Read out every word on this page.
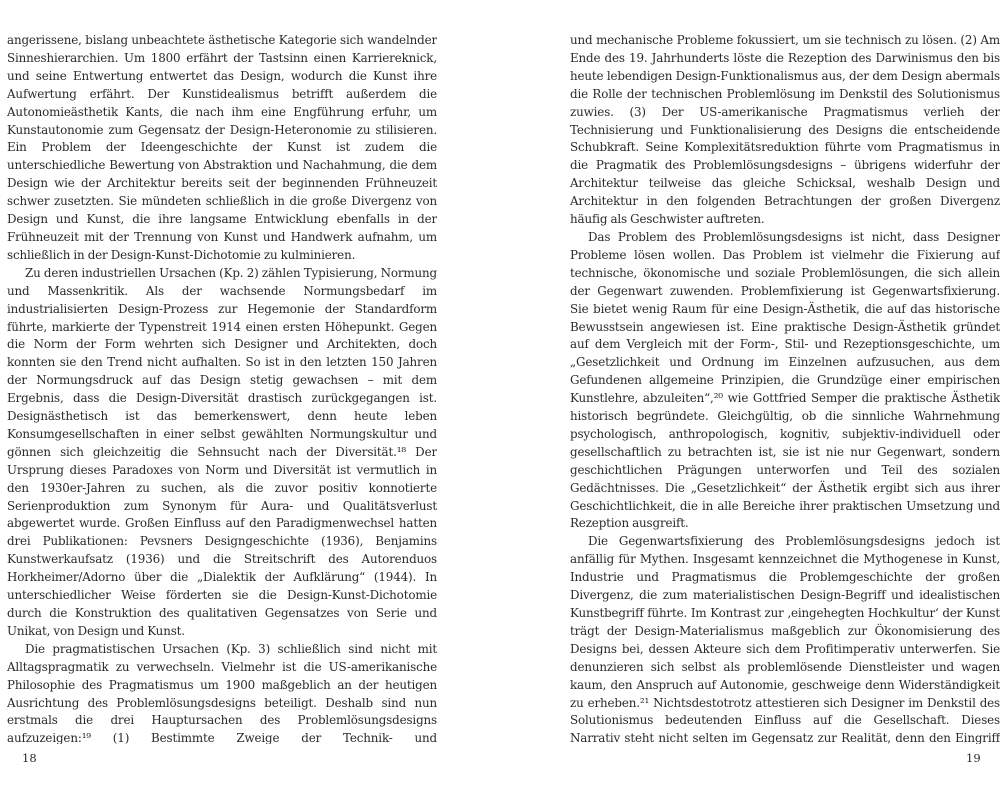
angerissene, bislang unbeachtete ästhetische Kategorie sich wandelnder Sinneshierarchien. Um 1800 erfährt der Tastsinn einen Karriereknick, und seine Entwertung entwertet das Design, wodurch die Kunst ihre Aufwertung erfährt. Der Kunstidealismus betrifft außerdem die Autonomieästhetik Kants, die nach ihm eine Engführung erfuhr, um Kunstautonomie zum Gegensatz der Design-Heteronomie zu stilisieren. Ein Problem der Ideengeschichte der Kunst ist zudem die unterschiedliche Bewertung von Abstraktion und Nachahmung, die dem Design wie der Architektur bereits seit der beginnenden Frühneuzeit schwer zusetzten. Sie mündeten schließlich in die große Divergenz von Design und Kunst, die ihre langsame Entwicklung ebenfalls in der Frühneuzeit mit der Trennung von Kunst und Handwerk aufnahm, um schließlich in der Design-Kunst-Dichotomie zu kulminieren.

Zu deren industriellen Ursachen (Kp. 2) zählen Typisierung, Normung und Massenkritik. Als der wachsende Normungsbedarf im industrialisierten Design-Prozess zur Hegemonie der Standardform führte, markierte der Typenstreit 1914 einen ersten Höhepunkt. Gegen die Norm der Form wehrten sich Designer und Architekten, doch konnten sie den Trend nicht aufhalten. So ist in den letzten 150 Jahren der Normungsdruck auf das Design stetig gewachsen – mit dem Ergebnis, dass die Design-Diversität drastisch zurückgegangen ist. Designästhetisch ist das bemerkenswert, denn heute leben Konsumgesellschaften in einer selbst gewählten Normungskultur und gönnen sich gleichzeitig die Sehnsucht nach der Diversität.¹⁸ Der Ursprung dieses Paradoxes von Norm und Diversität ist vermutlich in den 1930er-Jahren zu suchen, als die zuvor positiv konnotierte Serienproduktion zum Synonym für Aura- und Qualitätsverlust abgewertet wurde. Großen Einfluss auf den Paradigmenwechsel hatten drei Publikationen: Pevsners Designgeschichte (1936), Benjamins Kunstwerkaufsatz (1936) und die Streitschrift des Autorenduos Horkheimer/Adorno über die „Dialektik der Aufklärung“ (1944). In unterschiedlicher Weise förderten sie die Design-Kunst-Dichotomie durch die Konstruktion des qualitativen Gegensatzes von Serie und Unikat, von Design und Kunst.

Die pragmatistischen Ursachen (Kp. 3) schließlich sind nicht mit Alltagspragmatik zu verwechseln. Vielmehr ist die US-amerikanische Philosophie des Pragmatismus um 1900 maßgeblich an der heutigen Ausrichtung des Problemlösungsdesigns beteiligt. Deshalb sind nun erstmals die drei Hauptursachen des Problemlösungsdesigns aufzuzeigen:¹⁹ (1) Bestimmte Zweige der Technik- und

und mechanische Probleme fokussiert, um sie technisch zu lösen. (2) Am Ende des 19. Jahrhunderts löste die Rezeption des Darwinismus den bis heute lebendigen Design-Funktionalismus aus, der dem Design abermals die Rolle der technischen Problemlösung im Denkstil des Solutionismus zuwies. (3) Der US-amerikanische Pragmatismus verlieh der Technisierung und Funktionalisierung des Designs die entscheidende Schubkraft. Seine Komplexitätsreduktion führte vom Pragmatismus in die Pragmatik des Problemlösungsdesigns – übrigens widerfuhr der Architektur teilweise das gleiche Schicksal, weshalb Design und Architektur in den folgenden Betrachtungen der großen Divergenz häufig als Geschwister auftreten.

Das Problem des Problemlösungsdesigns ist nicht, dass Designer Probleme lösen wollen. Das Problem ist vielmehr die Fixierung auf technische, ökonomische und soziale Problemlösungen, die sich allein der Gegenwart zuwenden. Problemfixierung ist Gegenwartsfixierung. Sie bietet wenig Raum für eine Design-Ästhetik, die auf das historische Bewusstsein angewiesen ist. Eine praktische Design-Ästhetik gründet auf dem Vergleich mit der Form-, Stil- und Rezeptionsgeschichte, um „Gesetzlichkeit und Ordnung im Einzelnen aufzusuchen, aus dem Gefundenen allgemeine Prinzipien, die Grundzüge einer empirischen Kunstlehre, abzuleiten“,²⁰ wie Gottfried Semper die praktische Ästhetik historisch begründete. Gleichgültig, ob die sinnliche Wahrnehmung psychologisch, anthropologisch, kognitiv, subjektiv-individuell oder gesellschaftlich zu betrachten ist, sie ist nie nur Gegenwart, sondern geschichtlichen Prägungen unterworfen und Teil des sozialen Gedächtnisses. Die „Gesetzlichkeit“ der Ästhetik ergibt sich aus ihrer Geschichtlichkeit, die in alle Bereiche ihrer praktischen Umsetzung und Rezeption ausgreift.

Die Gegenwartsfixierung des Problemlösungsdesigns jedoch ist anfällig für Mythen. Insgesamt kennzeichnet die Mythogenese in Kunst, Industrie und Pragmatismus die Problemgeschichte der großen Divergenz, die zum materialistischen Design-Begriff und idealistischen Kunstbegriff führte. Im Kontrast zur ‚eingehegten Hochkultur‘ der Kunst trägt der Design-Materialismus maßgeblich zur Ökonomisierung des Designs bei, dessen Akteure sich dem Profitimperativ unterwerfen. Sie denunzieren sich selbst als problemlösende Dienstleister und wagen kaum, den Anspruch auf Autonomie, geschweige denn Widerständigkeit zu erheben.²¹ Nichtsdestotrotz attestieren sich Designer im Denkstil des Solutionismus bedeutenden Einfluss auf die Gesellschaft. Dieses Narrativ steht nicht selten im Gegensatz zur Realität, denn den Eingriff

18	19
